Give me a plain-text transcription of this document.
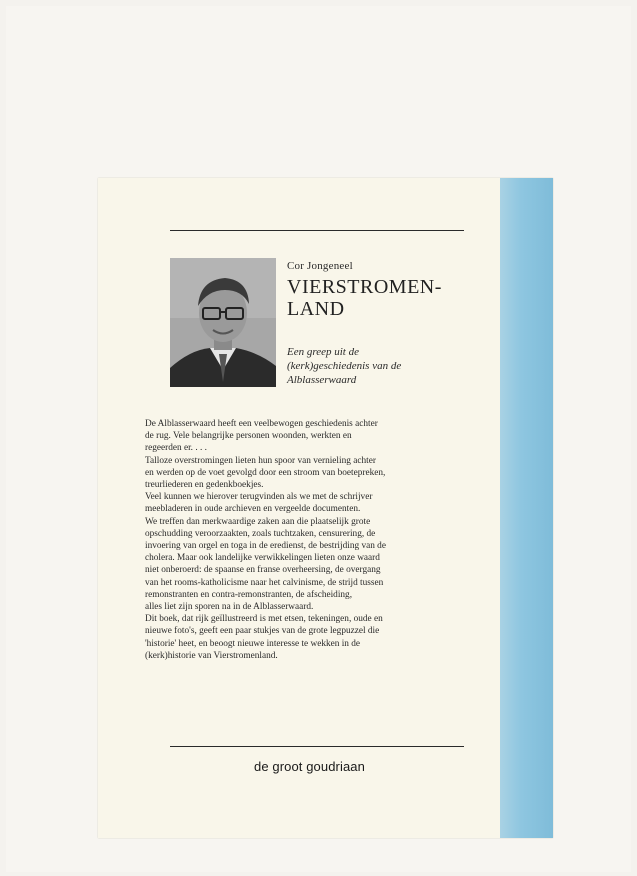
Cor Jongeneel
VIERSTROMEN-
LAND
Een greep uit de
(kerk)geschiedenis van de
Alblasserwaard
De Alblasserwaard heeft een veelbewogen geschiedenis achter
de rug. Vele belangrijke personen woonden, werkten en
regeerden er. . . .
Talloze overstromingen lieten hun spoor van vernieling achter
en werden op de voet gevolgd door een stroom van boetepreken,
treurliederen en gedenkboekjes.
Veel kunnen we hierover terugvinden als we met de schrijver
meebladeren in oude archieven en vergeelde documenten.
We treffen dan merkwaardige zaken aan die plaatselijk grote
opschudding veroorzaakten, zoals tuchtzaken, censurering, de
invoering van orgel en toga in de eredienst, de bestrijding van de
cholera. Maar ook landelijke verwikkelingen lieten onze waard
niet onberoerd: de spaanse en franse overheersing, de overgang
van het rooms-katholicisme naar het calvinisme, de strijd tussen
remonstranten en contra-remonstranten, de afscheiding,
alles liet zijn sporen na in de Alblasserwaard.
Dit boek, dat rijk geïllustreerd is met etsen, tekeningen, oude en
nieuwe foto's, geeft een paar stukjes van de grote legpuzzel die
'historie' heet, en beoogt nieuwe interesse te wekken in de
(kerk)historie van Vierstromenland.
de groot goudriaan
